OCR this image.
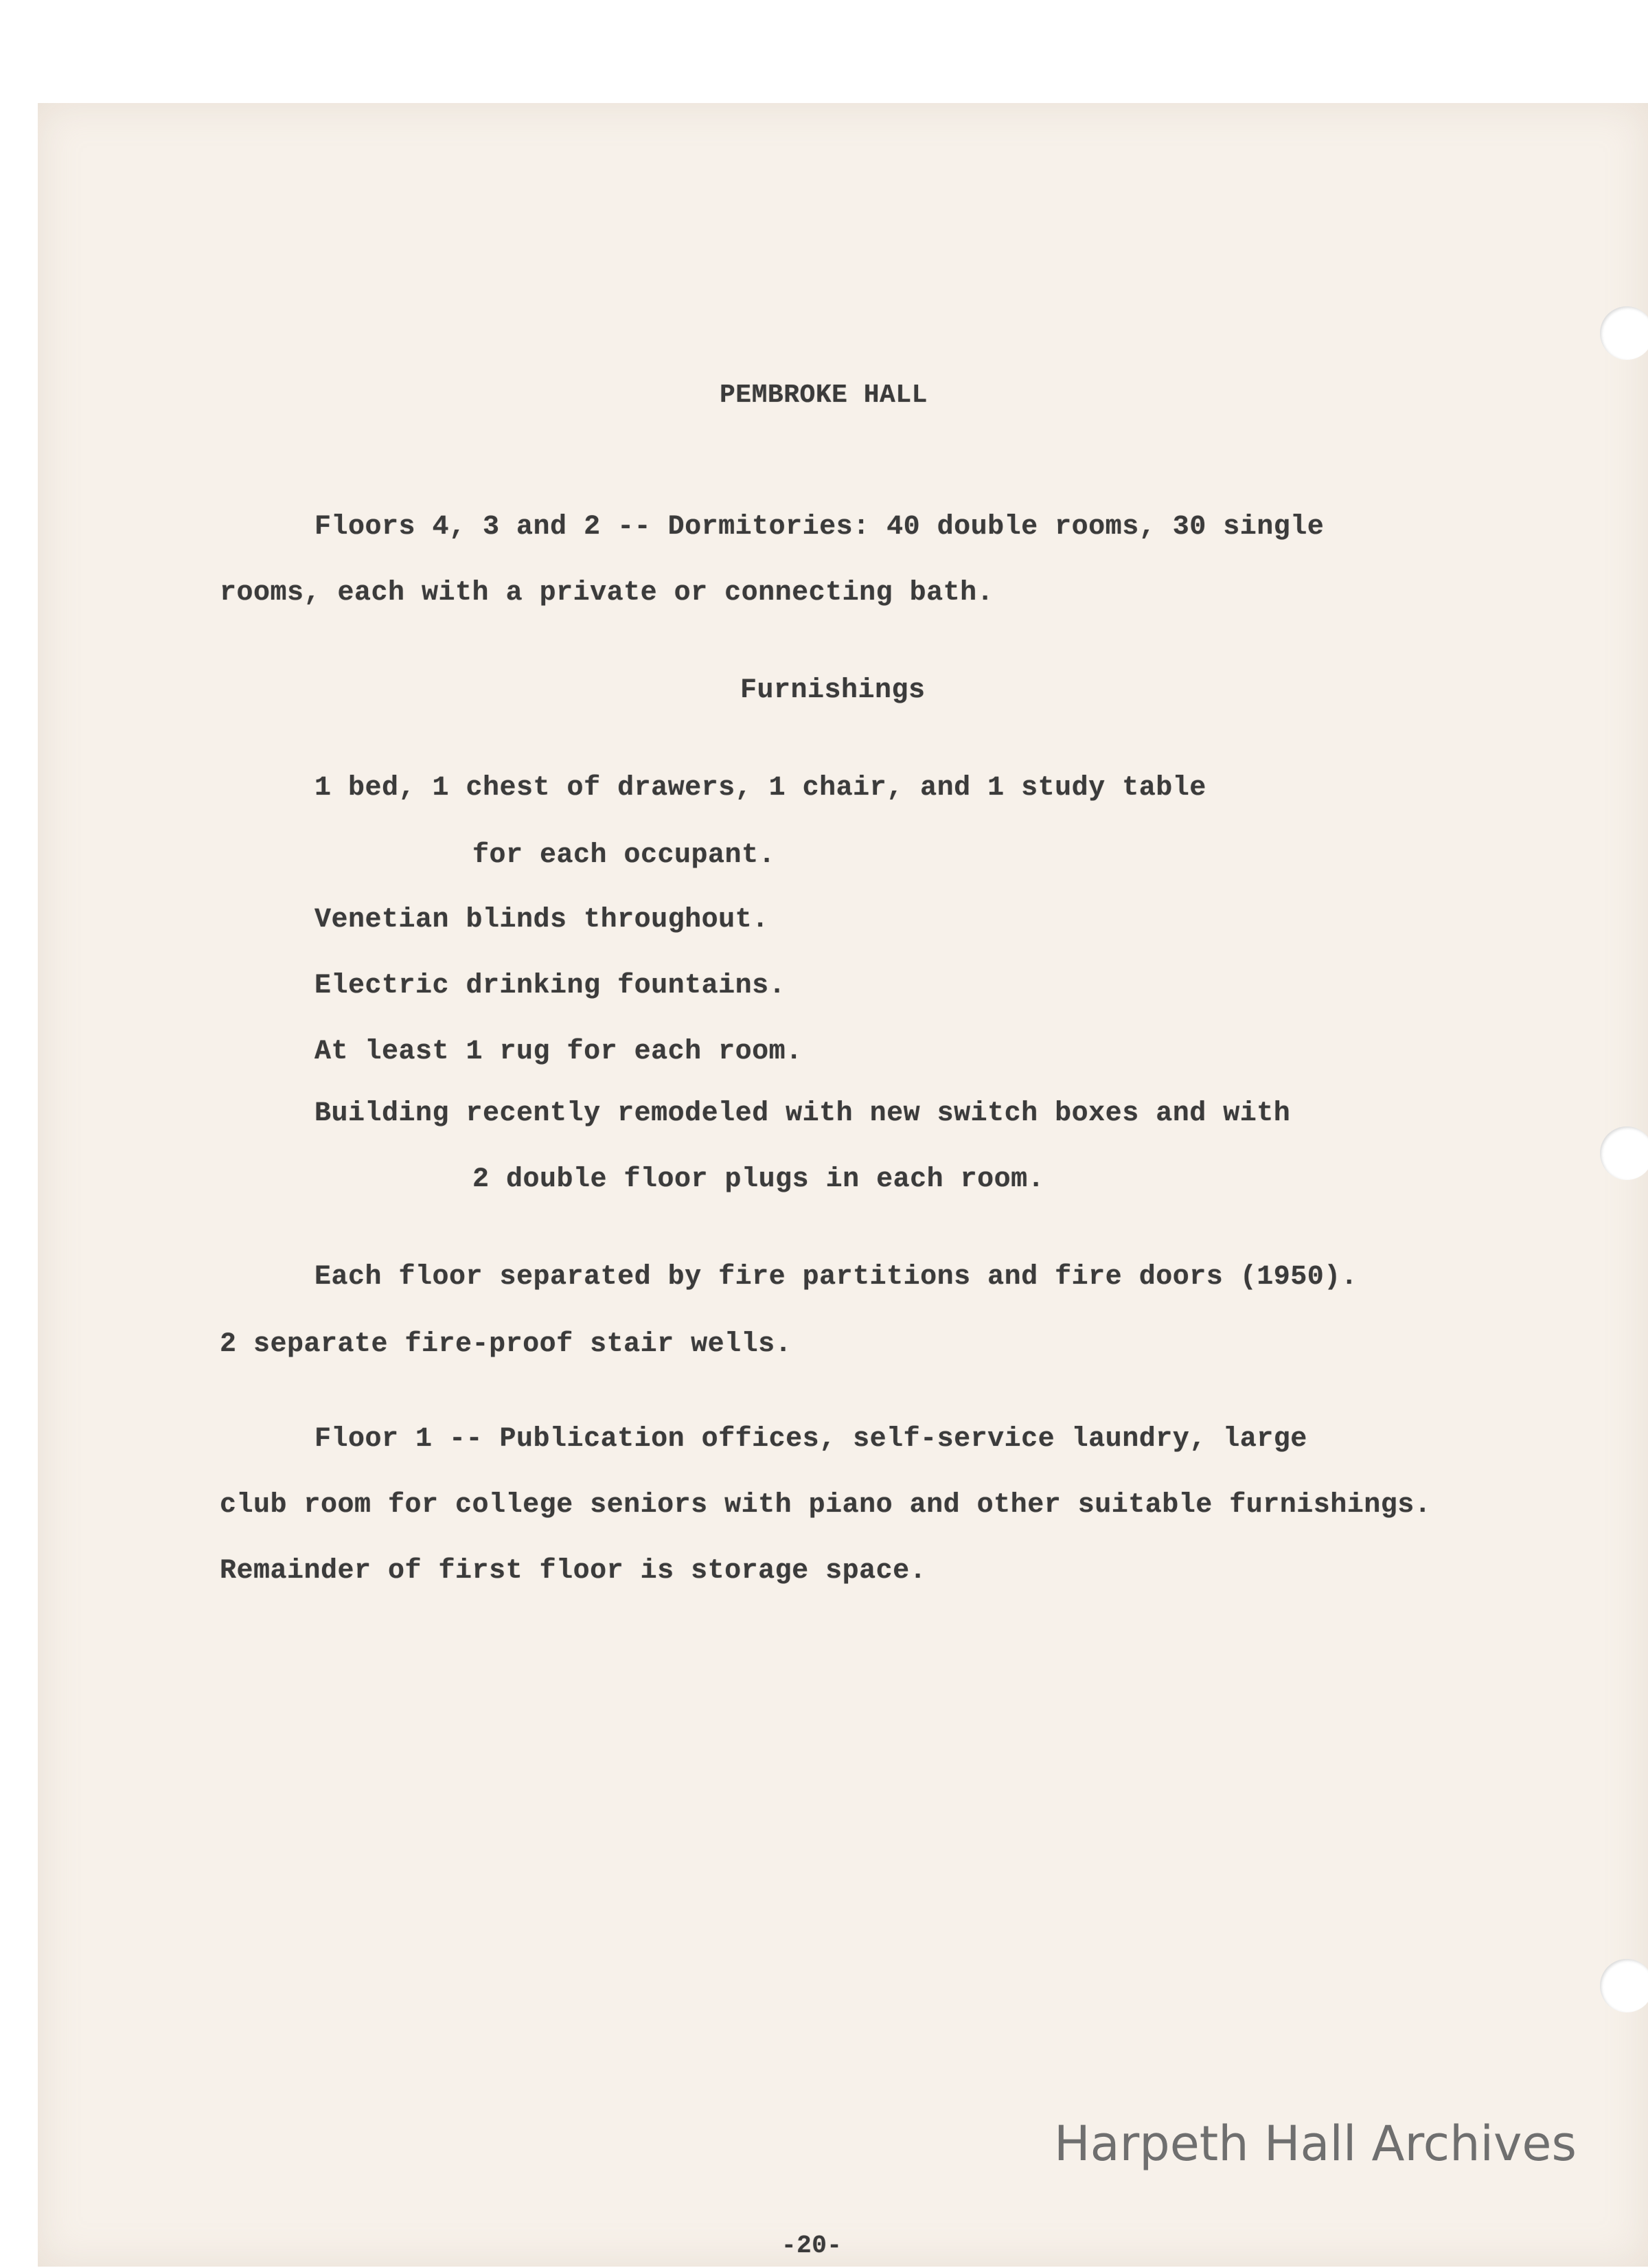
PEMBROKE HALL
Floors 4, 3 and 2 -- Dormitories: 40 double rooms, 30 single
rooms, each with a private or connecting bath.
Furnishings
1 bed, 1 chest of drawers, 1 chair, and 1 study table
for each occupant.
Venetian blinds throughout.
Electric drinking fountains.
At least 1 rug for each room.
Building recently remodeled with new switch boxes and with
2 double floor plugs in each room.
Each floor separated by fire partitions and fire doors (1950).
2 separate fire-proof stair wells.
Floor 1 -- Publication offices, self-service laundry, large
club room for college seniors with piano and other suitable furnishings.
Remainder of first floor is storage space.
-20-
Harpeth Hall Archives
